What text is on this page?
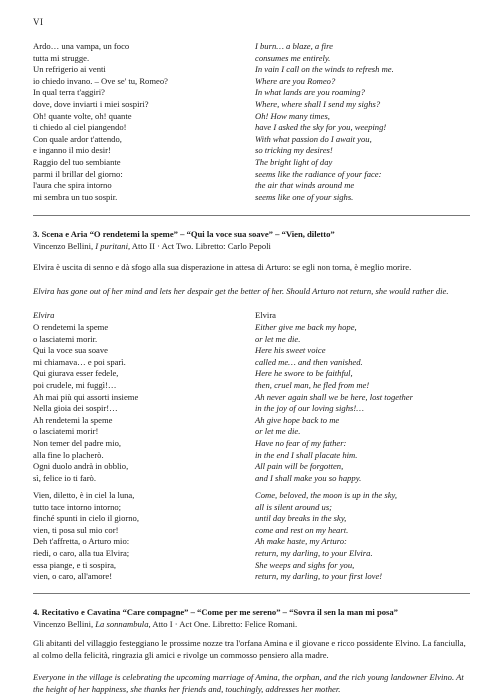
VI
Ardo… una vampa, un foco
tutta mi strugge.
Un refrigerio ai venti
io chiedo invano. – Ove se' tu, Romeo?
In qual terra t'aggiri?
dove, dove inviarti i miei sospiri?
Oh! quante volte, oh! quante
ti chiedo al ciel piangendo!
Con quale ardor t'attendo,
e inganno il mio desir!
Raggio del tuo sembiante
parmi il brillar del giorno:
l'aura che spira intorno
mi sembra un tuo sospir.
I burn… a blaze, a fire
consumes me entirely.
In vain I call on the winds to refresh me.
Where are you Romeo?
In what lands are you roaming?
Where, where shall I send my sighs?
Oh! How many times,
have I asked the sky for you, weeping!
With what passion do I await you,
so tricking my desires!
The bright light of day
seems like the radiance of your face:
the air that winds around me
seems like one of your sighs.
3. Scena e Aria “O rendetemi la speme” – “Qui la voce sua soave” – “Vien, diletto”
Vincenzo Bellini, I puritani, Atto II · Act Two. Libretto: Carlo Pepoli
Elvira è uscita di senno e dà sfogo alla sua disperazione in attesa di Arturo: se egli non torna, è meglio morire.
Elvira has gone out of her mind and lets her despair get the better of her. Should Arturo not return, she would rather die.
Elvira	Elvira
O rendetemi la speme
o lasciatemi morir.
Qui la voce sua soave
mi chiamava… e poi sparì.
Qui giurava esser fedele,
poi crudele, mi fuggì!…
Ah mai più qui assorti insieme
Nella gioia dei sospir!…
Ah rendetemi la speme
o lasciatemi morir!
Non temer del padre mio,
alla fine lo placherò.
Ogni duolo andrà in obblio,
sì, felice io ti farò.
Either give me back my hope,
or let me die.
Here his sweet voice
called me… and then vanished.
Here he swore to be faithful,
then, cruel man, he fled from me!
Ah never again shall we be here, lost together
in the joy of our loving sighs!…
Ah give hope back to me
or let me die.
Have no fear of my father:
in the end I shall placate him.
All pain will be forgotten,
and I shall make you so happy.
Vien, diletto, è in ciel la luna,
tutto tace intorno intorno;
finché spunti in cielo il giorno,
vien, ti posa sul mio cor!
Deh t'affretta, o Arturo mio:
riedi, o caro, alla tua Elvira;
essa piange, e ti sospira,
vien, o caro, all'amore!
Come, beloved, the moon is up in the sky,
all is silent around us;
until day breaks in the sky,
come and rest on my heart.
Ah make haste, my Arturo:
return, my darling, to your Elvira.
She weeps and sighs for you,
return, my darling, to your first love!
4. Recitativo e Cavatina “Care compagne” – “Come per me sereno” – “Sovra il sen la man mi posa”
Vincenzo Bellini, La sonnambula, Atto I · Act One. Libretto: Felice Romani.
Gli abitanti del villaggio festeggiano le prossime nozze tra l'orfana Amina e il giovane e ricco possidente Elvino. La fanciulla, al colmo della felicità, ringrazia gli amici e rivolge un commosso pensiero alla madre.
Everyone in the village is celebrating the upcoming marriage of Amina, the orphan, and the rich young landowner Elvino. At the height of her happiness, she thanks her friends and, touchingly, addresses her mother.
